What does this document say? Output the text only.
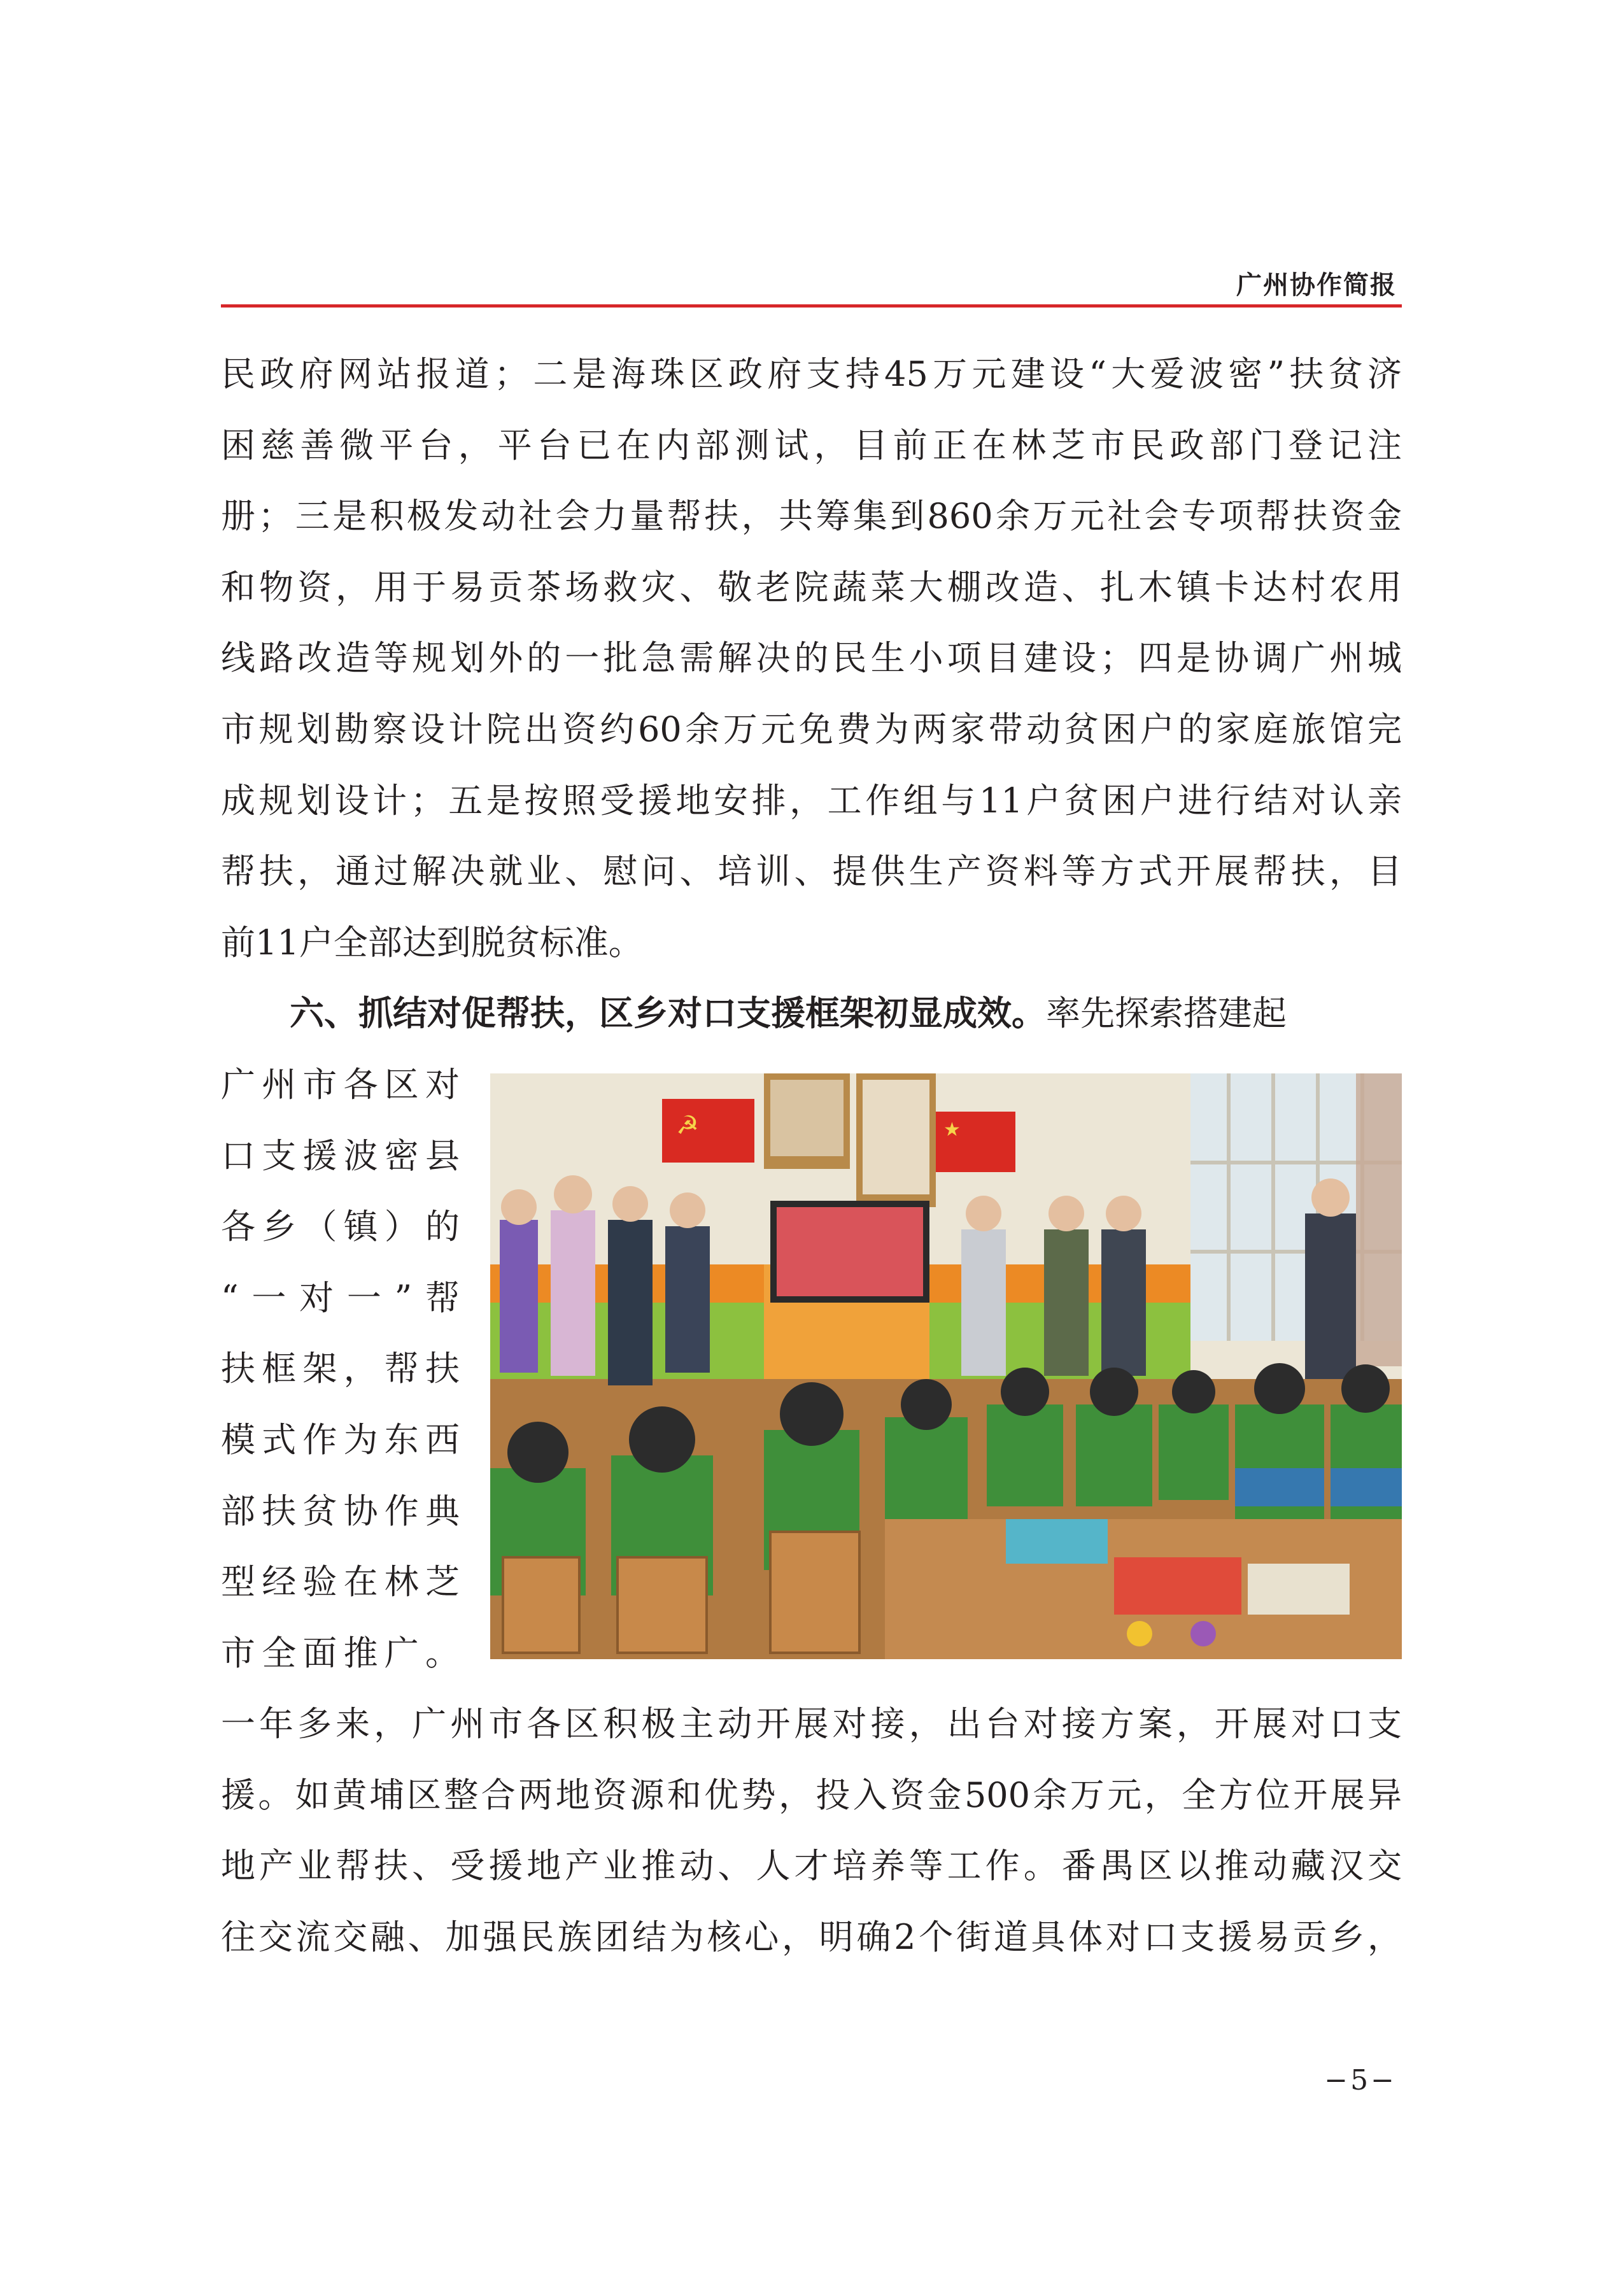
广州协作简报
民政府网站报道；二是海珠区政府支持45万元建设“大爱波密”扶贫济
困慈善微平台，平台已在内部测试，目前正在林芝市民政部门登记注
册；三是积极发动社会力量帮扶，共筹集到860余万元社会专项帮扶资金
和物资，用于易贡茶场救灾、敬老院蔬菜大棚改造、扎木镇卡达村农用
线路改造等规划外的一批急需解决的民生小项目建设；四是协调广州城
市规划勘察设计院出资约60余万元免费为两家带动贫困户的家庭旅馆完
成规划设计；五是按照受援地安排，工作组与11户贫困户进行结对认亲
帮扶，通过解决就业、慰问、培训、提供生产资料等方式开展帮扶，目
前11户全部达到脱贫标准。
六、抓结对促帮扶，区乡对口支援框架初显成效。率先探索搭建起
广州市各区对
口支援波密县
各乡（镇）的
“一对一”帮
扶框架，帮扶
模式作为东西
部扶贫协作典
型经验在林芝
市全面推广。
☭	★
一年多来，广州市各区积极主动开展对接，出台对接方案，开展对口支
援。如黄埔区整合两地资源和优势，投入资金500余万元，全方位开展异
地产业帮扶、受援地产业推动、人才培养等工作。番禺区以推动藏汉交
往交流交融、加强民族团结为核心，明确2个街道具体对口支援易贡乡，
−5−
